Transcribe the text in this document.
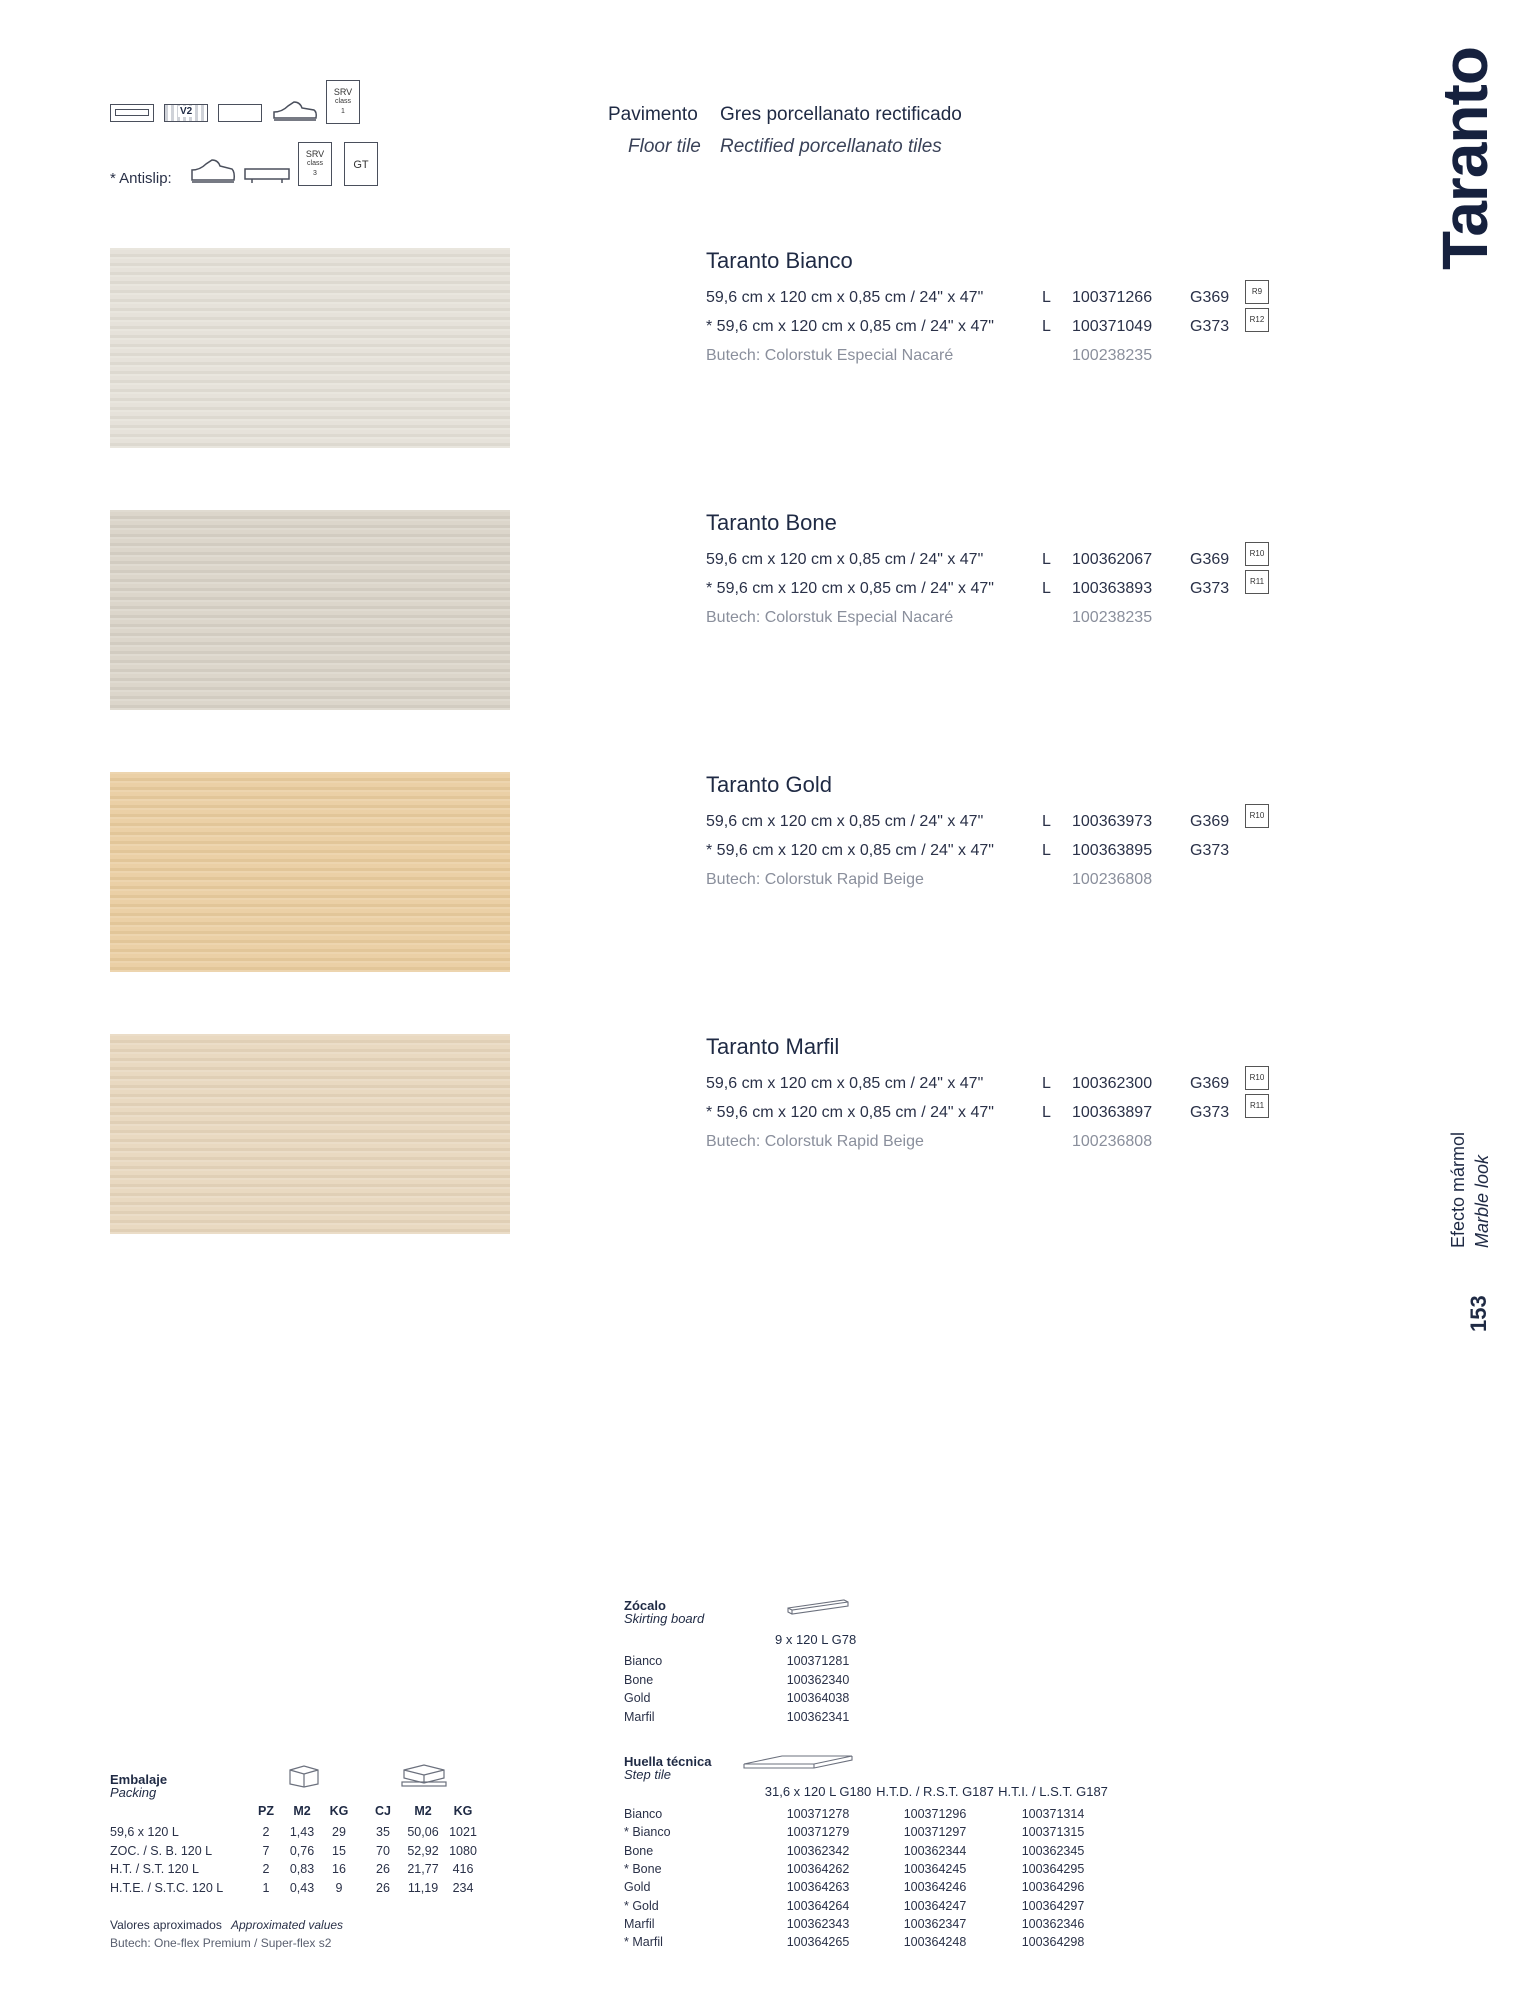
V2
SRV
class
1
* Antislip:
SRV
class
3
GT
Pavimento Gres porcellanato rectificado
Floor tile Rectified porcellanato tiles	Taranto
Efecto mármol Marble look
153
Taranto Bianco
59,6 cm x 120 cm x 0,85 cm / 24" x 47"	L 100371266 G369	R9
* 59,6 cm x 120 cm x 0,85 cm / 24" x 47"	L 100371049 G373	R12
Butech: Colorstuk Especial Nacaré	100238235
Taranto Bone
59,6 cm x 120 cm x 0,85 cm / 24" x 47"	L 100362067 G369	R10
* 59,6 cm x 120 cm x 0,85 cm / 24" x 47"	L 100363893 G373	R11
Butech: Colorstuk Especial Nacaré	100238235
Taranto Gold
59,6 cm x 120 cm x 0,85 cm / 24" x 47"	L 100363973 G369	R10
* 59,6 cm x 120 cm x 0,85 cm / 24" x 47"	L 100363895 G373
Butech: Colorstuk Rapid Beige	100236808
Taranto Marfil
59,6 cm x 120 cm x 0,85 cm / 24" x 47"	L 100362300 G369	R10
* 59,6 cm x 120 cm x 0,85 cm / 24" x 47"	L 100363897 G373	R11
Butech: Colorstuk Rapid Beige	100236808
Embalaje
Packing
PZ	M2	KG	CJ	M2	KG
59,6 x 120 L	2	1,43	29	35	50,06 1021
ZOC. / S. B. 120 L	7	0,76	15	70	52,92 1080
H.T. / S.T. 120 L	2	0,83	16	26	21,77	416
H.T.E. / S.T.C. 120 L	1	0,43	9	26	11,19	234
Valores aproximados Approximated values
Butech: One-flex Premium / Super-flex s2
Zócalo
Skirting board
9 x 120 L G78
Bianco	100371281
Bone	100362340
Gold	100364038
Marfil	100362341
Huella técnica
Step tile
31,6 x 120 L G180 H.T.D. / R.S.T. G187 H.T.I. / L.S.T. G187
Bianco	100371278	100371296	100371314
* Bianco	100371279	100371297	100371315
Bone	100362342	100362344	100362345
* Bone	100364262	100364245	100364295
Gold	100364263	100364246	100364296
* Gold	100364264	100364247	100364297
Marfil	100362343	100362347	100362346
* Marfil	100364265	100364248	100364298
